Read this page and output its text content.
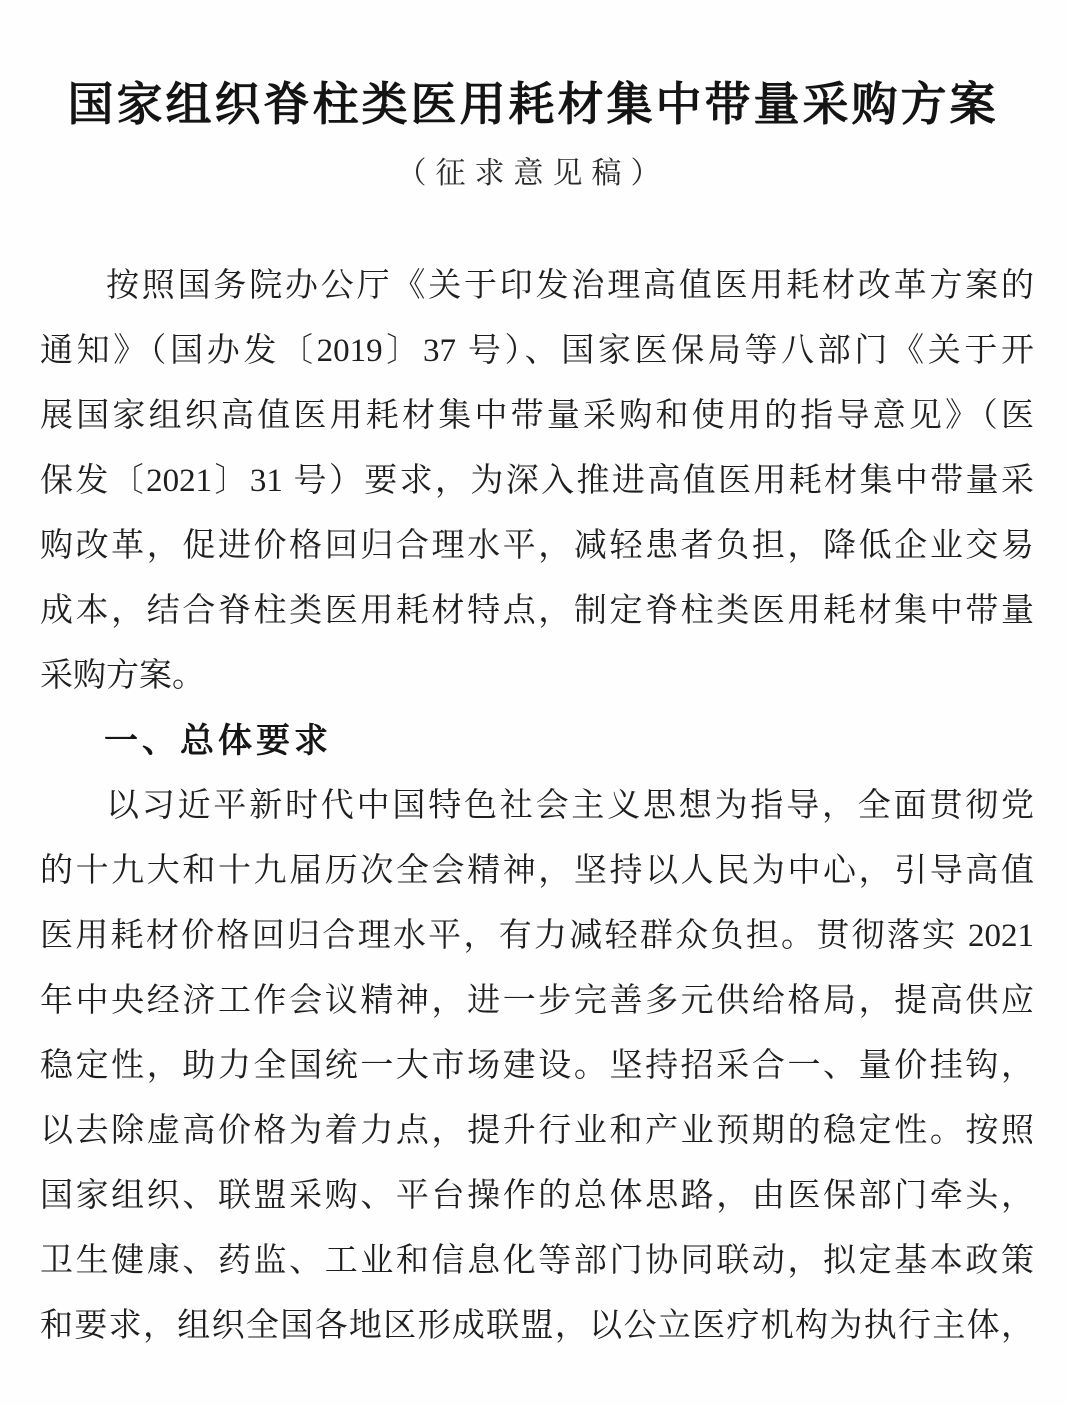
国家组织脊柱类医用耗材集中带量采购方案
（征求意见稿）
按照国务院办公厅《关于印发治理高值医用耗材改革方案的
通知》（国办发〔2019〕37 号）、国家医保局等八部门《关于开
展国家组织高值医用耗材集中带量采购和使用的指导意见》（医
保发〔2021〕31 号）要求，为深入推进高值医用耗材集中带量采
购改革，促进价格回归合理水平，减轻患者负担，降低企业交易
成本，结合脊柱类医用耗材特点，制定脊柱类医用耗材集中带量
采购方案。
一、总体要求
以习近平新时代中国特色社会主义思想为指导，全面贯彻党
的十九大和十九届历次全会精神，坚持以人民为中心，引导高值
医用耗材价格回归合理水平，有力减轻群众负担。贯彻落实 2021
年中央经济工作会议精神，进一步完善多元供给格局，提高供应
稳定性，助力全国统一大市场建设。坚持招采合一、量价挂钩，
以去除虚高价格为着力点，提升行业和产业预期的稳定性。按照
国家组织、联盟采购、平台操作的总体思路，由医保部门牵头，
卫生健康、药监、工业和信息化等部门协同联动，拟定基本政策
和要求，组织全国各地区形成联盟，以公立医疗机构为执行主体，
